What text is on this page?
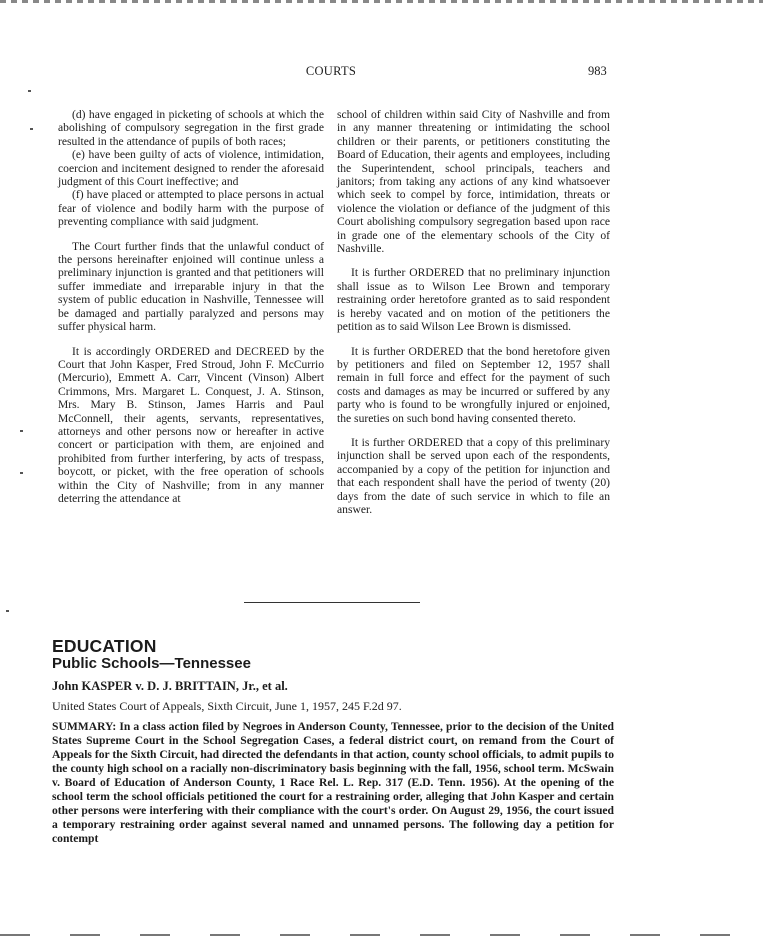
COURTS	983

(d) have engaged in picketing of schools at which the abolishing of compulsory segregation in the first grade resulted in the attendance of pupils of both races;

(e) have been guilty of acts of violence, intimidation, coercion and incitement designed to render the aforesaid judgment of this Court ineffective; and

(f) have placed or attempted to place persons in actual fear of violence and bodily harm with the purpose of preventing compliance with said judgment.

The Court further finds that the unlawful conduct of the persons hereinafter enjoined will continue unless a preliminary injunction is granted and that petitioners will suffer immediate and irreparable injury in that the system of public education in Nashville, Tennessee will be damaged and partially paralyzed and persons may suffer physical harm.

It is accordingly ORDERED and DECREED by the Court that John Kasper, Fred Stroud, John F. McCurrio (Mercurio), Emmett A. Carr, Vincent (Vinson) Albert Crimmons, Mrs. Margaret L. Conquest, J. A. Stinson, Mrs. Mary B. Stinson, James Harris and Paul McConnell, their agents, servants, representatives, attorneys and other persons now or hereafter in active concert or participation with them, are enjoined and prohibited from further interfering, by acts of trespass, boycott, or picket, with the free operation of schools within the City of Nashville; from in any manner deterring the attendance at

school of children within said City of Nashville and from in any manner threatening or intimidating the school children or their parents, or petitioners constituting the Board of Education, their agents and employees, including the Superintendent, school principals, teachers and janitors; from taking any actions of any kind whatsoever which seek to compel by force, intimidation, threats or violence the violation or defiance of the judgment of this Court abolishing compulsory segregation based upon race in grade one of the elementary schools of the City of Nashville.

It is further ORDERED that no preliminary injunction shall issue as to Wilson Lee Brown and temporary restraining order heretofore granted as to said respondent is hereby vacated and on motion of the petitioners the petition as to said Wilson Lee Brown is dismissed.

It is further ORDERED that the bond heretofore given by petitioners and filed on September 12, 1957 shall remain in full force and effect for the payment of such costs and damages as may be incurred or suffered by any party who is found to be wrongfully injured or enjoined, the sureties on such bond having consented thereto.

It is further ORDERED that a copy of this preliminary injunction shall be served upon each of the respondents, accompanied by a copy of the petition for injunction and that each respondent shall have the period of twenty (20) days from the date of such service in which to file an answer.

EDUCATION
Public Schools—Tennessee
John KASPER v. D. J. BRITTAIN, Jr., et al.
United States Court of Appeals, Sixth Circuit, June 1, 1957, 245 F.2d 97.

SUMMARY: In a class action filed by Negroes in Anderson County, Tennessee, prior to the decision of the United States Supreme Court in the School Segregation Cases, a federal district court, on remand from the Court of Appeals for the Sixth Circuit, had directed the defendants in that action, county school officials, to admit pupils to the county high school on a racially non-discriminatory basis beginning with the fall, 1956, school term. McSwain v. Board of Education of Anderson County, 1 Race Rel. L. Rep. 317 (E.D. Tenn. 1956). At the opening of the school term the school officials petitioned the court for a restraining order, alleging that John Kasper and certain other persons were interfering with their compliance with the court's order. On August 29, 1956, the court issued a temporary restraining order against several named and unnamed persons. The following day a petition for contempt
